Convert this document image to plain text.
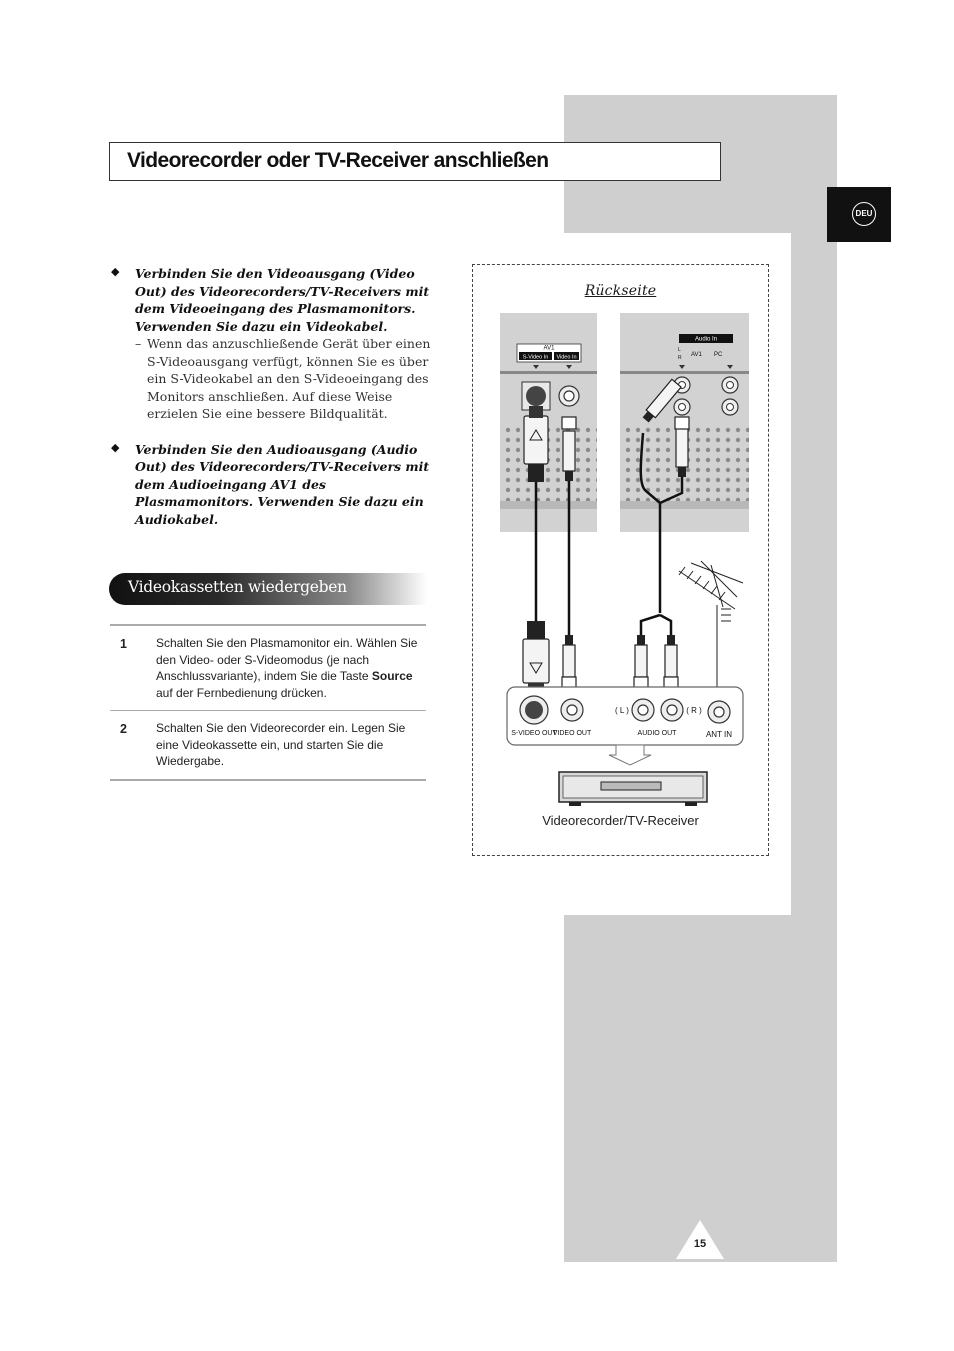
Videorecorder oder TV-Receiver anschließen
DEU
◆ Verbinden Sie den Videoausgang (Video Out) des Videorecorders/TV-Receivers mit dem Videoeingang des Plasmamonitors. Verwenden Sie dazu ein Videokabel.
– Wenn das anzuschließende Gerät über einen S-Videoausgang verfügt, können Sie es über ein S-Videokabel an den S-Videoeingang des Monitors anschließen. Auf diese Weise erzielen Sie eine bessere Bildqualität.
◆ Verbinden Sie den Audioausgang (Audio Out) des Videorecorders/TV-Receivers mit dem Audioeingang AV1 des Plasmamonitors. Verwenden Sie dazu ein Audiokabel.
Videokassetten wiedergeben
1 Schalten Sie den Plasmamonitor ein. Wählen Sie den Video- oder S-Videomodus (je nach Anschlussvariante), indem Sie die Taste Source auf der Fernbedienung drücken.
2 Schalten Sie den Videorecorder ein. Legen Sie eine Videokassette ein, und starten Sie die Wiedergabe.
Rückseite
AV1
S-Video In Video In
Audio In
L
R AV1 PC
S-VIDEO OUT
VIDEO OUT
( L )	( R )
AUDIO OUT	ANT IN
Videorecorder/TV-Receiver
15
